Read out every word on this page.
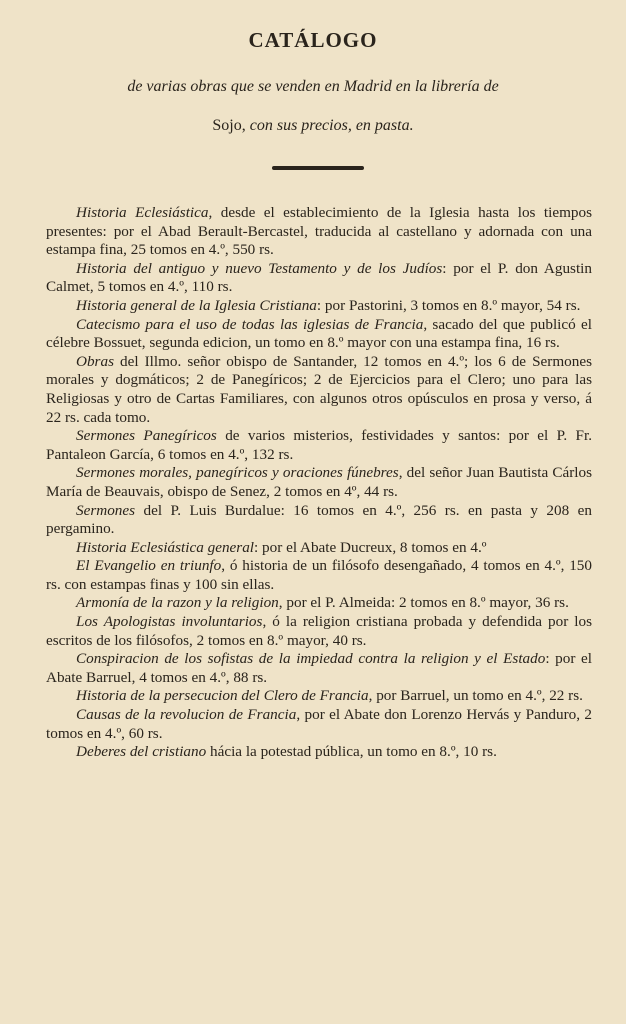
CATÁLOGO

de varias obras que se venden en Madrid en la librería de

Sojo, con sus precios, en pasta.

Historia Eclesiástica, desde el establecimiento de la Iglesia hasta los tiempos presentes: por el Abad Berault-Bercastel, traducida al castellano y adornada con una estampa fina, 25 tomos en 4.º, 550 rs.

Historia del antiguo y nuevo Testamento y de los Judíos: por el P. don Agustin Calmet, 5 tomos en 4.º, 110 rs.

Historia general de la Iglesia Cristiana: por Pastorini, 3 tomos en 8.º mayor, 54 rs.

Catecismo para el uso de todas las iglesias de Francia, sacado del que publicó el célebre Bossuet, segunda edicion, un tomo en 8.º mayor con una estampa fina, 16 rs.

Obras del Illmo. señor obispo de Santander, 12 tomos en 4.º; los 6 de Sermones morales y dogmáticos; 2 de Panegíricos; 2 de Ejercicios para el Clero; uno para las Religiosas y otro de Cartas Familiares, con algunos otros opúsculos en prosa y verso, á 22 rs. cada tomo.

Sermones Panegíricos de varios misterios, festividades y santos: por el P. Fr. Pantaleon García, 6 tomos en 4.º, 132 rs.

Sermones morales, panegíricos y oraciones fúnebres, del señor Juan Bautista Cárlos María de Beauvais, obispo de Senez, 2 tomos en 4º, 44 rs.

Sermones del P. Luis Burdalue: 16 tomos en 4.º, 256 rs. en pasta y 208 en pergamino.

Historia Eclesiástica general: por el Abate Ducreux, 8 tomos en 4.º

El Evangelio en triunfo, ó historia de un filósofo desengañado, 4 tomos en 4.º, 150 rs. con estampas finas y 100 sin ellas.

Armonía de la razon y la religion, por el P. Almeida: 2 tomos en 8.º mayor, 36 rs.

Los Apologistas involuntarios, ó la religion cristiana probada y defendida por los escritos de los filósofos, 2 tomos en 8.º mayor, 40 rs.

Conspiracion de los sofistas de la impiedad contra la religion y el Estado: por el Abate Barruel, 4 tomos en 4.º, 88 rs.

Historia de la persecucion del Clero de Francia, por Barruel, un tomo en 4.º, 22 rs.

Causas de la revolucion de Francia, por el Abate don Lorenzo Hervás y Panduro, 2 tomos en 4.º, 60 rs.

Deberes del cristiano hácia la potestad pública, un tomo en 8.º, 10 rs.
